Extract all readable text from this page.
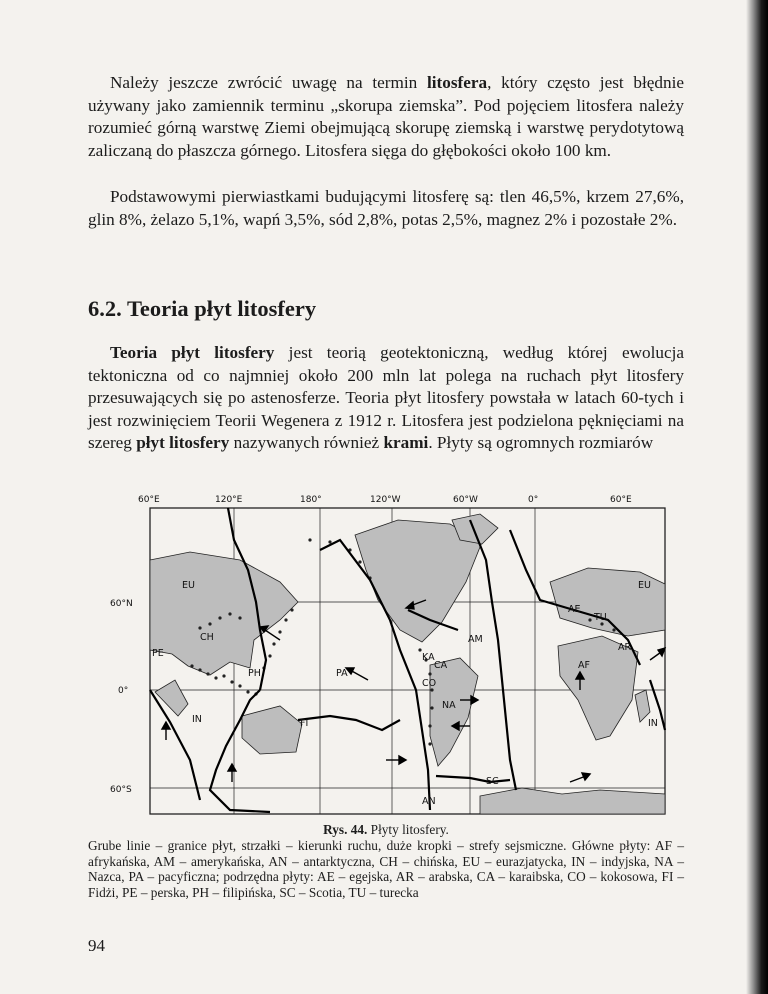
Należy jeszcze zwrócić uwagę na termin litosfera, który często jest błędnie używany jako zamiennik terminu „skorupa ziemska”. Pod pojęciem litosfera należy rozumieć górną warstwę Ziemi obejmującą skorupę ziemską i warstwę perydotytową zaliczaną do płaszcza górnego. Litosfera sięga do głębokości około 100 km.

Podstawowymi pierwiastkami budującymi litosferę są: tlen 46,5%, krzem 27,6%, glin 8%, żelazo 5,1%, wapń 3,5%, sód 2,8%, potas 2,5%, magnez 2% i pozostałe 2%.

6.2. Teoria płyt litosfery

Teoria płyt litosfery jest teorią geotektoniczną, według której ewolucja tektoniczna od co najmniej około 200 mln lat polega na ruchach płyt litosfery przesuwających się po astenosferze. Teoria płyt litosfery powstała w latach 60-tych i jest rozwinięciem Teorii Wegenera z 1912 r. Litosfera jest podzielona pęknięciami na szereg płyt litosfery nazywanych również krami. Płyty są ogromnych rozmiarów

60°E	120°E	180°	120°W	60°W	0°	60°E
60°N
0°
60°S
EU	EU
CH
PE
PH	PA
FI
IN	IN
AM
KA
CA
CO
NA
AF
AE
TU
AR
SC
AN

Rys. 44. Płyty litosfery.

Grube linie – granice płyt, strzałki – kierunki ruchu, duże kropki – strefy sejsmiczne. Główne płyty: AF – afrykańska, AM – amerykańska, AN – antarktyczna, CH – chińska, EU – eurazjatycka, IN – indyjska, NA – Nazca, PA – pacyficzna; podrzędna płyty: AE – egejska, AR – arabska, CA – karaibska, CO – kokosowa, FI – Fidżi, PE – perska, PH – filipińska, SC – Scotia, TU – turecka

94
